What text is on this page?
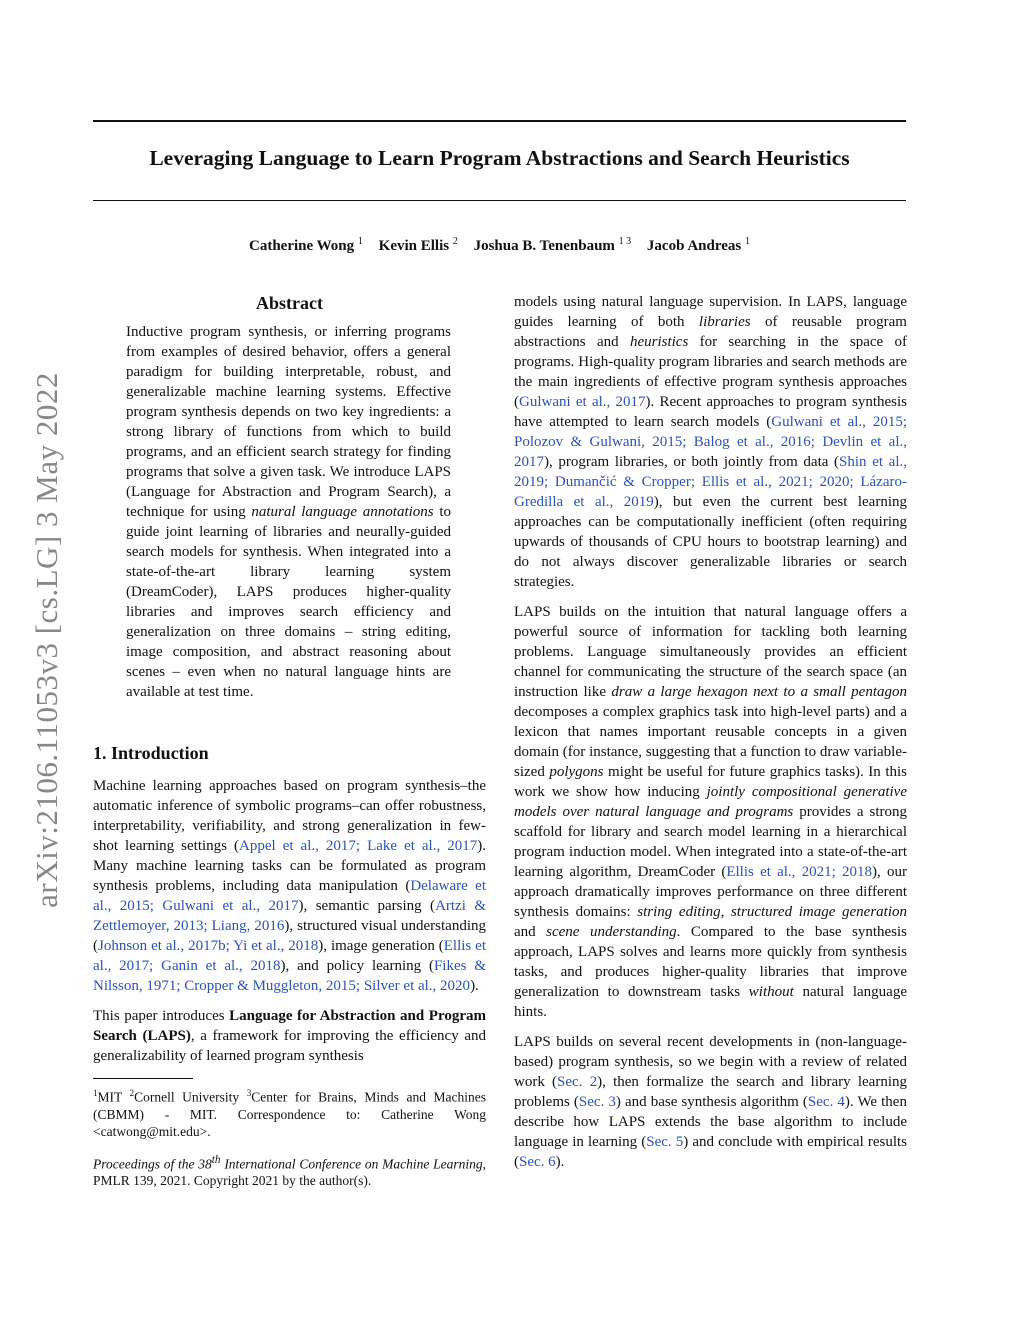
Leveraging Language to Learn Program Abstractions and Search Heuristics
Catherine Wong $^1$ Kevin Ellis $^2$ Joshua B. Tenenbaum $^{1 3}$ Jacob Andreas $^1$
arXiv:2106.11053v3 [cs.LG] 3 May 2022
Abstract

Inductive program synthesis, or inferring programs from examples of desired behavior, offers a general paradigm for building interpretable, robust, and generalizable machine learning systems. Effective program synthesis depends on two key ingredients: a strong library of functions from which to build programs, and an efficient search strategy for finding programs that solve a given task. We introduce LAPS (Language for Abstraction and Program Search), a technique for using natural language annotations to guide joint learning of libraries and neurally-guided search models for synthesis. When integrated into a state-of-the-art library learning system (DreamCoder), LAPS produces higher-quality libraries and improves search efficiency and generalization on three domains – string editing, image composition, and abstract reasoning about scenes – even when no natural language hints are available at test time.

1. Introduction

Machine learning approaches based on program synthesis–the automatic inference of symbolic programs–can offer robustness, interpretability, verifiability, and strong generalization in few-shot learning settings (Appel et al., 2017; Lake et al., 2017). Many machine learning tasks can be formulated as program synthesis problems, including data manipulation (Delaware et al., 2015; Gulwani et al., 2017), semantic parsing (Artzi & Zettlemoyer, 2013; Liang, 2016), structured visual understanding (Johnson et al., 2017b; Yi et al., 2018), image generation (Ellis et al., 2017; Ganin et al., 2018), and policy learning (Fikes & Nilsson, 1971; Cropper & Muggleton, 2015; Silver et al., 2020).

This paper introduces Language for Abstraction and Program Search (LAPS), a framework for improving the efficiency and generalizability of learned program synthesis

$^1$MIT $^2$Cornell University $^3$Center for Brains, Minds and Machines (CBMM) - MIT. Correspondence to: Catherine Wong <catwong@mit.edu>.

Proceedings of the 38th International Conference on Machine Learning, PMLR 139, 2021. Copyright 2021 by the author(s).

models using natural language supervision. In LAPS, language guides learning of both libraries of reusable program abstractions and heuristics for searching in the space of programs. High-quality program libraries and search methods are the main ingredients of effective program synthesis approaches (Gulwani et al., 2017). Recent approaches to program synthesis have attempted to learn search models (Gulwani et al., 2015; Polozov & Gulwani, 2015; Balog et al., 2016; Devlin et al., 2017), program libraries, or both jointly from data (Shin et al., 2019; Dumančić & Cropper; Ellis et al., 2021; 2020; Lázaro-Gredilla et al., 2019), but even the current best learning approaches can be computationally inefficient (often requiring upwards of thousands of CPU hours to bootstrap learning) and do not always discover generalizable libraries or search strategies.

LAPS builds on the intuition that natural language offers a powerful source of information for tackling both learning problems. Language simultaneously provides an efficient channel for communicating the structure of the search space (an instruction like draw a large hexagon next to a small pentagon decomposes a complex graphics task into high-level parts) and a lexicon that names important reusable concepts in a given domain (for instance, suggesting that a function to draw variable-sized polygons might be useful for future graphics tasks). In this work we show how inducing jointly compositional generative models over natural language and programs provides a strong scaffold for library and search model learning in a hierarchical program induction model. When integrated into a state-of-the-art learning algorithm, DreamCoder (Ellis et al., 2021; 2018), our approach dramatically improves performance on three different synthesis domains: string editing, structured image generation and scene understanding. Compared to the base synthesis approach, LAPS solves and learns more quickly from synthesis tasks, and produces higher-quality libraries that improve generalization to downstream tasks without natural language hints.

LAPS builds on several recent developments in (non-language-based) program synthesis, so we begin with a review of related work (Sec. 2), then formalize the search and library learning problems (Sec. 3) and base synthesis algorithm (Sec. 4). We then describe how LAPS extends the base algorithm to include language in learning (Sec. 5) and conclude with empirical results (Sec. 6).
